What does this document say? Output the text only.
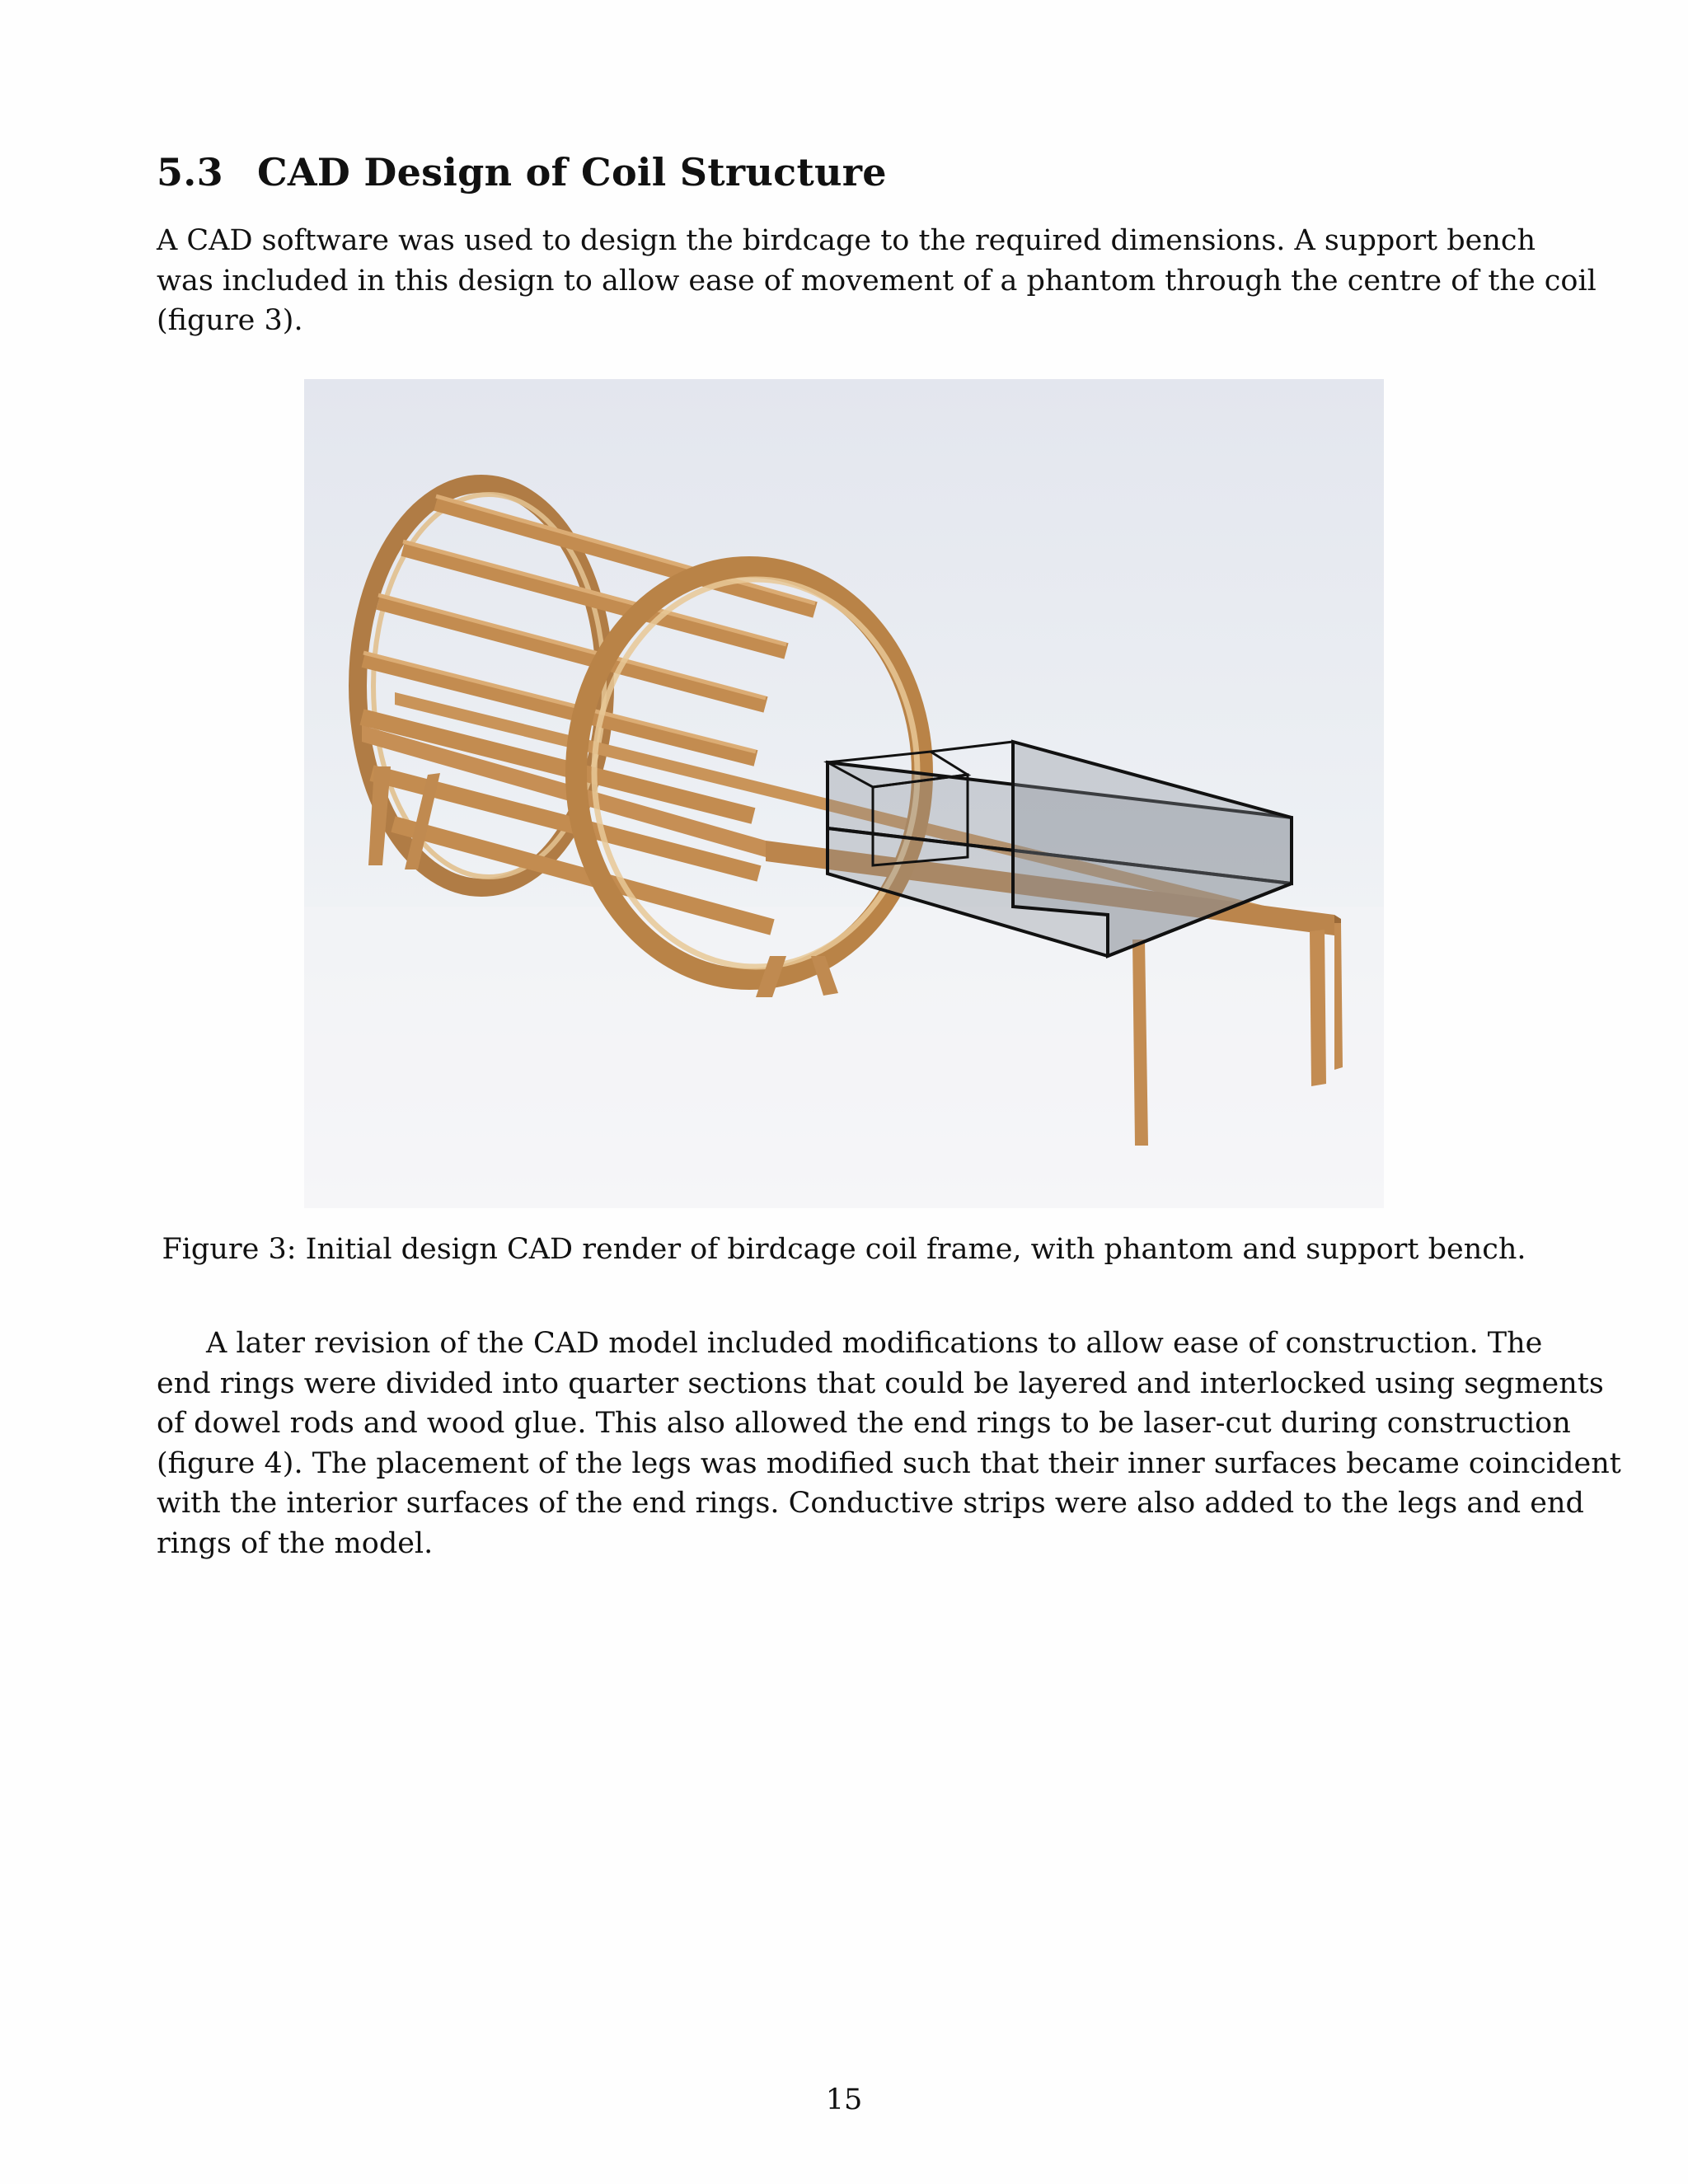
5.3 CAD Design of Coil Structure
A CAD software was used to design the birdcage to the required dimensions. A support bench
was included in this design to allow ease of movement of a phantom through the centre of the coil
(figure 3).
Figure 3: Initial design CAD render of birdcage coil frame, with phantom and support bench.
A later revision of the CAD model included modifications to allow ease of construction. The
end rings were divided into quarter sections that could be layered and interlocked using segments
of dowel rods and wood glue. This also allowed the end rings to be laser-cut during construction
(figure 4). The placement of the legs was modified such that their inner surfaces became coincident
with the interior surfaces of the end rings. Conductive strips were also added to the legs and end
rings of the model.
15
